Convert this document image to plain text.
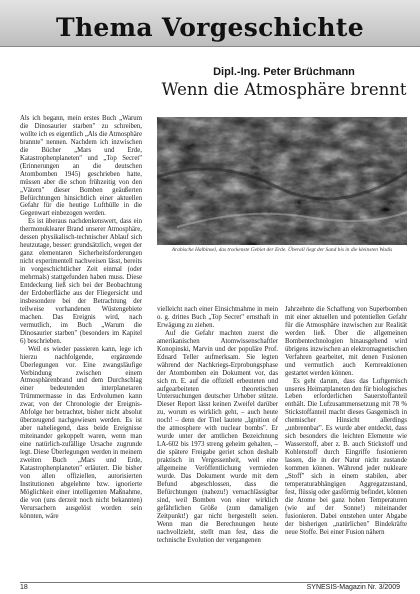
Thema Vorgeschichte
Dipl.-Ing. Peter Brüchmann
Wenn die Atmosphäre brennt

Als ich begann, mein erstes Buch „Warum die Dinosaurier starben" zu schreiben, wollte ich es eigentlich „Als die Atmosphäre brannte" nennen. Nachdem ich inzwischen die Bücher „Mars und Erde, Katastrophenplaneten" und „Top Secret" (Erinnerungen an die deutschen Atombomben 1945) geschrieben hatte, müssen aber die schon frühzeitig von den „Vätern" dieser Bomben geäußerten Befürchtungen hinsichtlich einer aktuellen Gefahr für die heutige Lufthülle in die Gegenwart einbezogen werden.

Es ist überaus nachdenkenswert, dass ein thermonuklearer Brand unserer Atmosphäre, dessen physikalisch-technischer Ablauf sich heutzutage, besser: grundsätzlich, wegen der ganz elementaren Sicherheitsforderungen nicht experimentell nachweisen lässt, bereits in vorgeschichtlicher Zeit einmal (oder mehrmals) stattgefunden haben muss. Diese Entdeckung ließ sich bei der Beobachtung der Erdoberfläche aus der Fliegersicht und insbesondere bei der Betrachtung der teilweise vorhandenen Wüstengebiete machen. Das Ereignis wird, nach vermutlich, im Buch „Warum die Dinosaurier starben" (besonders im Kapitel 6) beschrieben.

Weil es wieder passieren kann, lege ich hierzu nachfolgende, ergänzende Überlegungen vor. Eine zwangsläufige Verbindung zwischen einem Atmosphärenbrand und dem Durchschlag einer bedeutenden interplanetaren Trümmermasse in das Erdvolumen kann zwar, von der Chronologie der Ereignis-Abfolge her betrachtet, bisher nicht absolut überzeugend nachgewiesen werden. Es ist aber naheliegend, dass beide Ereignisse miteinander gekoppelt waren, wenn man eine natürlich-zufällige Ursache zugrunde legt. Diese Überlegungen werden in meinem zweiten Buch „Mars und Erde, Katastrophenplaneten" erläutert. Die bisher von allen offiziellen, autorisierten Institutionen abgelehnte bzw. ignorierte Möglichkeit einer intelligenten Maßnahme, die von (uns derzeit noch nicht bekannten) Verursachern ausgelöst worden sein könnten, wäre

Arabische Halbinsel, das trockenste Gebiet der Erde. Überall liegt der Sand bis in die kleinsten Wadis

vielleicht nach einer Einsichtnahme in mein o. g. drittes Buch „Top Secret" ernsthaft in Erwägung zu ziehen.

Auf die Gefahr machten zuerst die amerikanischen Atomwissenschaftler Konopinski, Marvin und der populäre Prof. Eduard Teller aufmerksam. Sie legten während der Nachkriegs-Erprobungsphase der Atombomben ein Dokument vor, das sich m. E. auf die offiziell erbeuteten und aufgearbeiteten theoretischen Untersuchungen deutscher Urheber stützte. Dieser Report lässt keinen Zweifel darüber zu, worum es wirklich geht, – auch heute noch! – denn der Titel lautete „Ignition of the atmosphere with nuclear bombs". Er wurde unter der amtlichen Bezeichnung LA-602 bis 1973 streng geheim gehalten, – die spätere Freigabe geriet schon deshalb praktisch in Vergessenheit, weil eine allgemeine Veröffentlichung vermieden wurde. Das Dokument wurde mit dem Befund abgeschlossen, dass die Befürchtungen (nahezu!) vernachlässigbar sind, weil Bomben von einer wirklich gefährlichen Größe (zum damaligen Zeitpunkt!) gar nicht hergestellt seien. Wenn man die Berechnungen heute nachvollzieht, stellt man fest, dass die technische Evolution der vergangenen

Jahrzehnte die Schaffung von Superbomben mit einer aktuellen und potentiellen Gefahr für die Atmosphäre inzwischen zur Realität werden ließ. Über die allgemeinen Bombentechnologien hinausgehend wird übrigens inzwischen an elektromagnetischen Verfahren gearbeitet, mit denen Fusionen und vermutlich auch Kernreaktionen gestartet werden können.

Es geht darum, dass das Luftgemisch unseres Heimatplaneten den für biologisches Leben erforderlichen Sauerstoffanteil enthält. Die Lufzusammensetzung mit 78 % Stickstoffanteil macht dieses Gasgemisch in chemischer Hinsicht allerdings „unbrennbar". Es wurde aber entdeckt, dass sich besonders die leichten Elemente wie Wasserstoff, aber z. B. auch Stickstoff und Kohlenstoff durch Eingriffe fusionieren lassen, die in der Natur nicht zustande kommen können. Während jeder nukleare „Stoff" sich in einem stabilen, aber temperaturabhängigen Aggregatzustand, fest, flüssig oder gasförmig befindet, können die Atome bei ganz hohen Temperaturen (wie auf der Sonne!) miteinander fusionieren. Dabei entstehen unter Abgabe der bisherigen „natürlichen" Bindekräfte neue Stoffe. Bei einer Fusion nähern

18	SYNESIS-Magazin Nr. 3/2009
